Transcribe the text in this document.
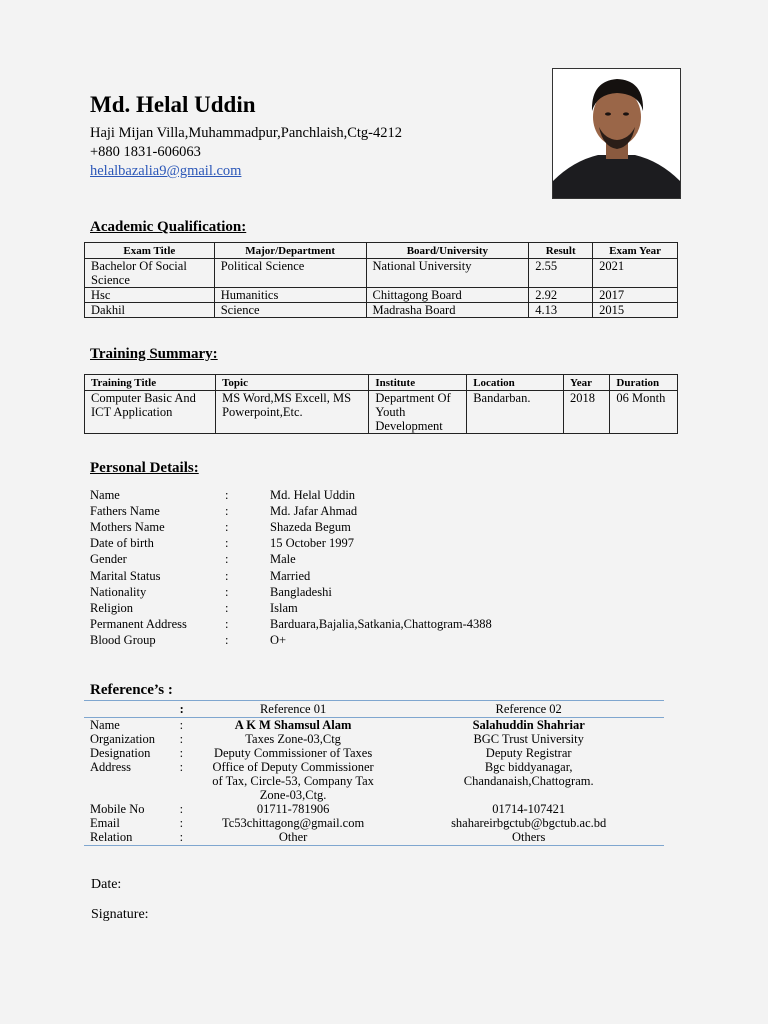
Md. Helal Uddin
Haji Mijan Villa,Muhammadpur,Panchlaish,Ctg-4212
+880 1831-606063
helalbazalia9@gmail.com
Academic Qualification:
Exam Title	Major/Department	Board/University	Result	Exam Year
Bachelor Of Social Science	Political Science	National University	2.55	2021
Hsc	Humanitics	Chittagong Board	2.92	2017
Dakhil	Science	Madrasha Board	4.13	2015
Training Summary:
Training Title	Topic	Institute	Location	Year	Duration
Computer Basic And ICT Application	MS Word,MS Excell, MS Powerpoint,Etc.	Department Of Youth Development	Bandarban.	2018	06 Month
Personal Details:
Name	:	Md. Helal Uddin
Fathers Name	:	Md. Jafar Ahmad
Mothers Name	:	Shazeda Begum
Date of birth	:	15 October 1997
Gender	:	Male
Marital Status	:	Married
Nationality	:	Bangladeshi
Religion	:	Islam
Permanent Address	:	Barduara,Bajalia,Satkania,Chattogram-4388
Blood Group	:	O+
Reference’s :
	:	Reference 01	Reference 02

Name	:	A K M Shamsul Alam	Salahuddin Shahriar
Organization	:	Taxes Zone-03,Ctg	BGC Trust University
Designation	:	Deputy Commissioner of Taxes	Deputy Registrar
Address	:	Office of Deputy Commissioner of Tax, Circle-53, Company Tax Zone-03,Ctg.	Bgc biddyanagar, Chandanaish,Chattogram.
Mobile No	:	01711-781906	01714-107421
Email	:	Tc53chittagong@gmail.com	shahareirbgctub@bgctub.ac.bd
Relation	:	Other	Others
Date:
Signature:
